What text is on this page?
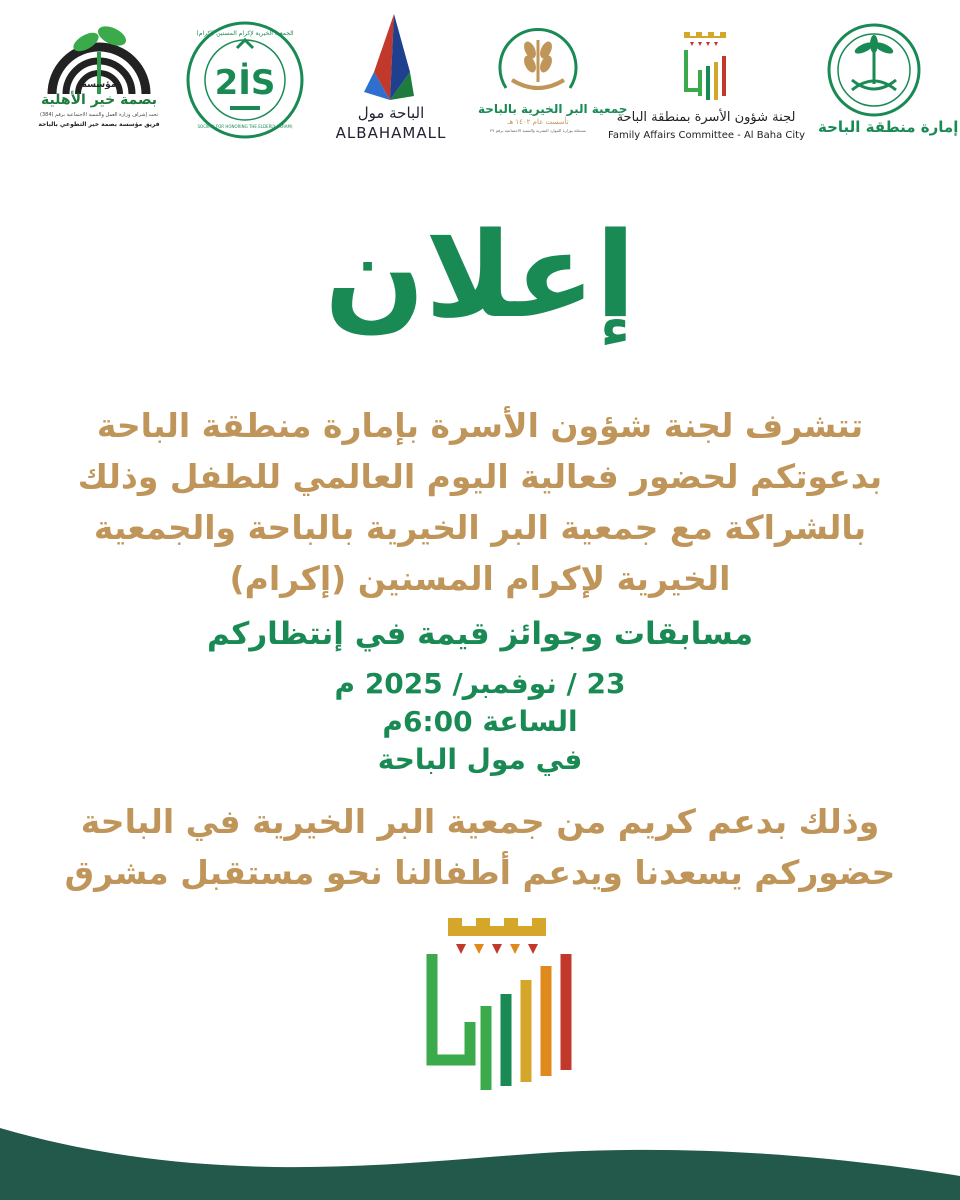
مؤسسة
بصمة خير الأهلية
تحت إشراف وزارة العمل والتنمية الاجتماعية برقم (384)
فريق مؤسسة بصمة خير التطوعي بالباحة
2İS
الجمعية الخيرية لإكرام المسنين (إكرام)
SOCIETY FOR HONORING THE ELDERLY (IKRAM)
الباحة مول
ALBAHAMALL
جمعية البر الخيرية بالباحة
تأسست عام ١٤٠٢ هـ
مسجلة بوزارة الموارد البشرية والتنمية الاجتماعية برقم ٣٧
لجنة شؤون الأسرة بمنطقة الباحة
Family Affairs Committee - Al Baha City إمارة منطقة الباحة
إعلان
تتشرف لجنة شؤون الأسرة بإمارة منطقة الباحة
بدعوتكم لحضور فعالية اليوم العالمي للطفل وذلك
بالشراكة مع جمعية البر الخيرية بالباحة والجمعية
الخيرية لإكرام المسنين (إكرام)
مسابقات وجوائز قيمة في إنتظاركم
23 / نوفمبر/ 2025 م
الساعة 6:00م
في مول الباحة
وذلك بدعم كريم من جمعية البر الخيرية في الباحة
حضوركم يسعدنا ويدعم أطفالنا نحو مستقبل مشرق
